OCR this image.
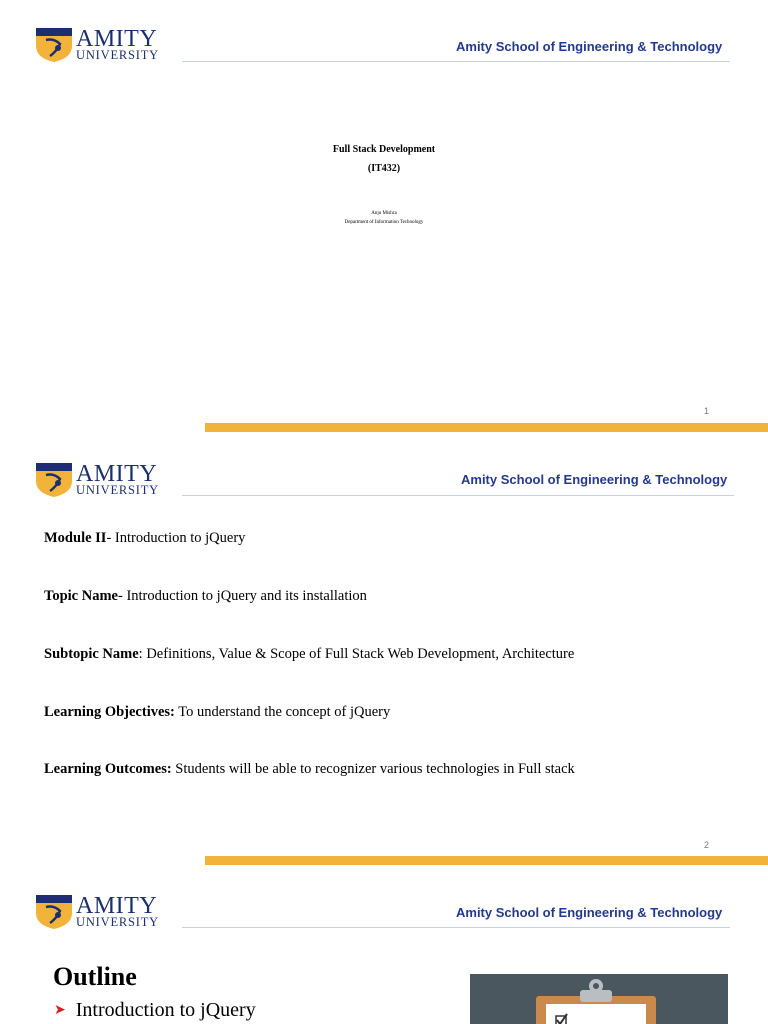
AMITY
UNIVERSITY
Amity School of Engineering & Technology
Full Stack Development
(IT432)
Anju Mishra
Department of Information Technology
1
AMITY
UNIVERSITY
Amity School of Engineering & Technology
Module II- Introduction to jQuery
Topic Name- Introduction to jQuery and its installation
Subtopic Name: Definitions, Value & Scope of Full Stack Web Development, Architecture
Learning Objectives: To understand the concept of jQuery
Learning Outcomes: Students will be able to recognizer various technologies in Full stack
2
AMITY
UNIVERSITY
Amity School of Engineering & Technology
Outline
➤ Introduction to jQuery
